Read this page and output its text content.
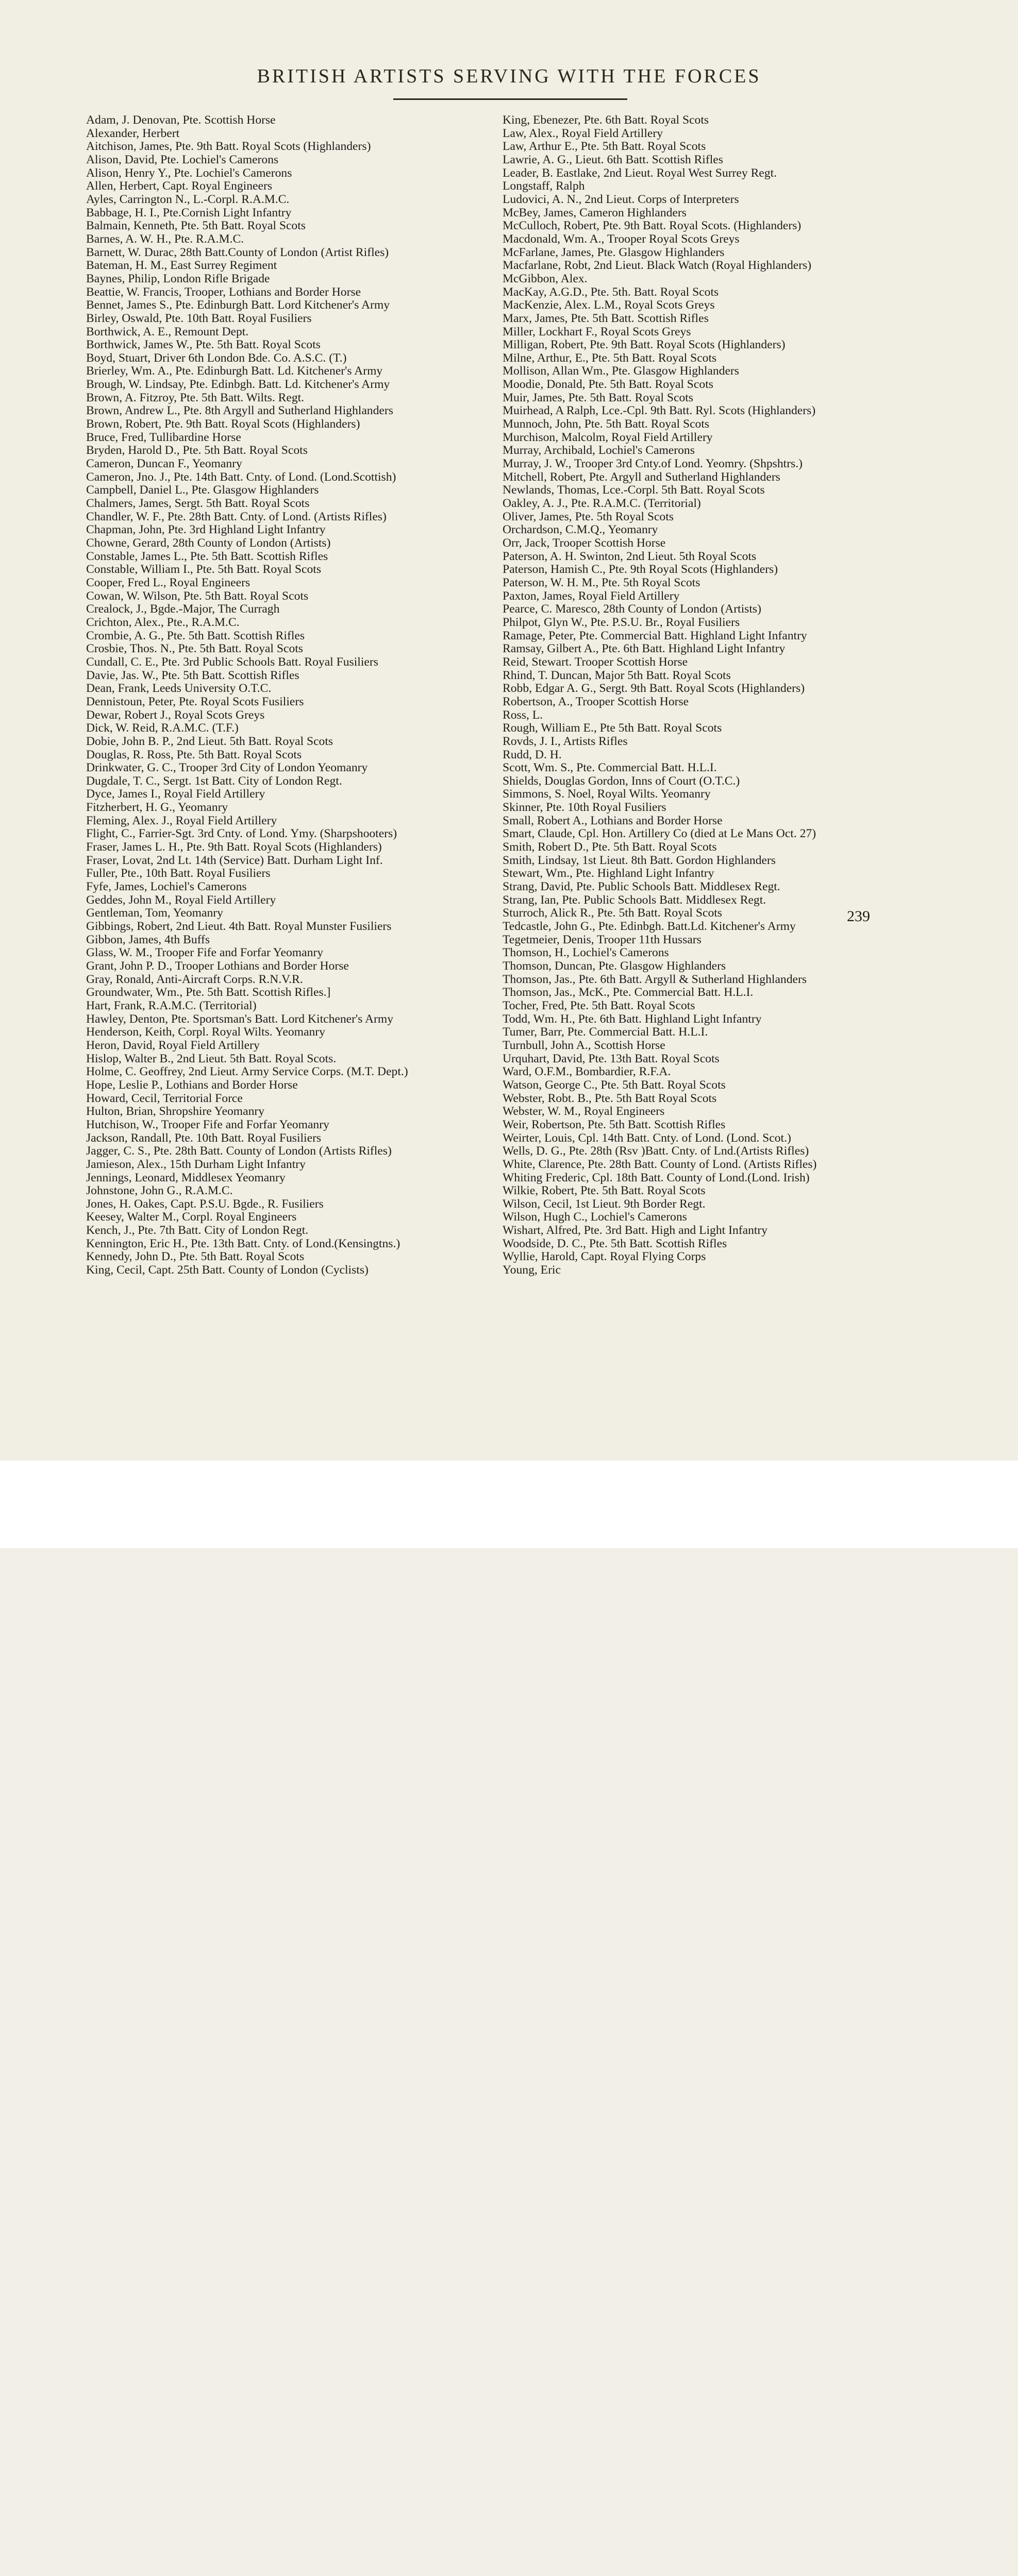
BRITISH ARTISTS SERVING WITH THE FORCES
Adam, J. Denovan, Pte. Scottish Horse
Alexander, Herbert
Aitchison, James, Pte. 9th Batt. Royal Scots (Highlanders)
Alison, David, Pte. Lochiel's Camerons
Alison, Henry Y., Pte. Lochiel's Camerons
Allen, Herbert, Capt. Royal Engineers
Ayles, Carrington N., L.-Corpl. R.A.M.C.
Babbage, H. I., Pte.Cornish Light Infantry
Balmain, Kenneth, Pte. 5th Batt. Royal Scots
Barnes, A. W. H., Pte. R.A.M.C.
Barnett, W. Durac, 28th Batt.County of London (Artist Rifles)
Bateman, H. M., East Surrey Regiment
Baynes, Philip, London Rifle Brigade
Beattie, W. Francis, Trooper, Lothians and Border Horse
Bennet, James S., Pte. Edinburgh Batt. Lord Kitchener's Army
Birley, Oswald, Pte. 10th Batt. Royal Fusiliers
Borthwick, A. E., Remount Dept.
Borthwick, James W., Pte. 5th Batt. Royal Scots
Boyd, Stuart, Driver 6th London Bde. Co. A.S.C. (T.)
Brierley, Wm. A., Pte. Edinburgh Batt. Ld. Kitchener's Army
Brough, W. Lindsay, Pte. Edinbgh. Batt. Ld. Kitchener's Army
Brown, A. Fitzroy, Pte. 5th Batt. Wilts. Regt.
Brown, Andrew L., Pte. 8th Argyll and Sutherland Highlanders
Brown, Robert, Pte. 9th Batt. Royal Scots (Highlanders)
Bruce, Fred, Tullibardine Horse
Bryden, Harold D., Pte. 5th Batt. Royal Scots
Cameron, Duncan F., Yeomanry
Cameron, Jno. J., Pte. 14th Batt. Cnty. of Lond. (Lond.Scottish)
Campbell, Daniel L., Pte. Glasgow Highlanders
Chalmers, James, Sergt. 5th Batt. Royal Scots
Chandler, W. F., Pte. 28th Batt. Cnty. of Lond. (Artists Rifles)
Chapman, John, Pte. 3rd Highland Light Infantry
Chowne, Gerard, 28th County of London (Artists)
Constable, James L., Pte. 5th Batt. Scottish Rifles
Constable, William I., Pte. 5th Batt. Royal Scots
Cooper, Fred L., Royal Engineers
Cowan, W. Wilson, Pte. 5th Batt. Royal Scots
Crealock, J., Bgde.-Major, The Curragh
Crichton, Alex., Pte., R.A.M.C.
Crombie, A. G., Pte. 5th Batt. Scottish Rifles
Crosbie, Thos. N., Pte. 5th Batt. Royal Scots
Cundall, C. E., Pte. 3rd Public Schools Batt. Royal Fusiliers
Davie, Jas. W., Pte. 5th Batt. Scottish Rifles
Dean, Frank, Leeds University O.T.C.
Dennistoun, Peter, Pte. Royal Scots Fusiliers
Dewar, Robert J., Royal Scots Greys
Dick, W. Reid, R.A.M.C. (T.F.)
Dobie, John B. P., 2nd Lieut. 5th Batt. Royal Scots
Douglas, R. Ross, Pte. 5th Batt. Royal Scots
Drinkwater, G. C., Trooper 3rd City of London Yeomanry
Dugdale, T. C., Sergt. 1st Batt. City of London Regt.
Dyce, James I., Royal Field Artillery
Fitzherbert, H. G., Yeomanry
Fleming, Alex. J., Royal Field Artillery
Flight, C., Farrier-Sgt. 3rd Cnty. of Lond. Ymy. (Sharpshooters)
Fraser, James L. H., Pte. 9th Batt. Royal Scots (Highlanders)
Fraser, Lovat, 2nd Lt. 14th (Service) Batt. Durham Light Inf.
Fuller, Pte., 10th Batt. Royal Fusiliers
Fyfe, James, Lochiel's Camerons
Geddes, John M., Royal Field Artillery
Gentleman, Tom, Yeomanry
Gibbings, Robert, 2nd Lieut. 4th Batt. Royal Munster Fusiliers
Gibbon, James, 4th Buffs
Glass, W. M., Trooper Fife and Forfar Yeomanry
Grant, John P. D., Trooper Lothians and Border Horse
Gray, Ronald, Anti-Aircraft Corps. R.N.V.R.
Groundwater, Wm., Pte. 5th Batt. Scottish Rifles.]
Hart, Frank, R.A.M.C. (Territorial)
Hawley, Denton, Pte. Sportsman's Batt. Lord Kitchener's Army
Henderson, Keith, Corpl. Royal Wilts. Yeomanry
Heron, David, Royal Field Artillery
Hislop, Walter B., 2nd Lieut. 5th Batt. Royal Scots.
Holme, C. Geoffrey, 2nd Lieut. Army Service Corps. (M.T. Dept.)
Hope, Leslie P., Lothians and Border Horse
Howard, Cecil, Territorial Force
Hulton, Brian, Shropshire Yeomanry
Hutchison, W., Trooper Fife and Forfar Yeomanry
Jackson, Randall, Pte. 10th Batt. Royal Fusiliers
Jagger, C. S., Pte. 28th Batt. County of London (Artists Rifles)
Jamieson, Alex., 15th Durham Light Infantry
Jennings, Leonard, Middlesex Yeomanry
Johnstone, John G., R.A.M.C.
Jones, H. Oakes, Capt. P.S.U. Bgde., R. Fusiliers
Keesey, Walter M., Corpl. Royal Engineers
Kench, J., Pte. 7th Batt. City of London Regt.
Kennington, Eric H., Pte. 13th Batt. Cnty. of Lond.(Kensingtns.)
Kennedy, John D., Pte. 5th Batt. Royal Scots
King, Cecil, Capt. 25th Batt. County of London (Cyclists)
King, Ebenezer, Pte. 6th Batt. Royal Scots
Law, Alex., Royal Field Artillery
Law, Arthur E., Pte. 5th Batt. Royal Scots
Lawrie, A. G., Lieut. 6th Batt. Scottish Rifles
Leader, B. Eastlake, 2nd Lieut. Royal West Surrey Regt.
Longstaff, Ralph
Ludovici, A. N., 2nd Lieut. Corps of Interpreters
McBey, James, Cameron Highlanders
McCulloch, Robert, Pte. 9th Batt. Royal Scots. (Highlanders)
Macdonald, Wm. A., Trooper Royal Scots Greys
McFarlane, James, Pte. Glasgow Highlanders
Macfarlane, Robt, 2nd Lieut. Black Watch (Royal Highlanders)
McGibbon, Alex.
MacKay, A.G.D., Pte. 5th. Batt. Royal Scots
MacKenzie, Alex. L.M., Royal Scots Greys
Marx, James, Pte. 5th Batt. Scottish Rifles
Miller, Lockhart F., Royal Scots Greys
Milligan, Robert, Pte. 9th Batt. Royal Scots (Highlanders)
Milne, Arthur, E., Pte. 5th Batt. Royal Scots
Mollison, Allan Wm., Pte. Glasgow Highlanders
Moodie, Donald, Pte. 5th Batt. Royal Scots
Muir, James, Pte. 5th Batt. Royal Scots
Muirhead, A Ralph, Lce.-Cpl. 9th Batt. Ryl. Scots (Highlanders)
Munnoch, John, Pte. 5th Batt. Royal Scots
Murchison, Malcolm, Royal Field Artillery
Murray, Archibald, Lochiel's Camerons
Murray, J. W., Trooper 3rd Cnty.of Lond. Yeomry. (Shpshtrs.)
Mitchell, Robert, Pte. Argyll and Sutherland Highlanders
Newlands, Thomas, Lce.-Corpl. 5th Batt. Royal Scots
Oakley, A. J., Pte. R.A.M.C. (Territorial)
Oliver, James, Pte. 5th Royal Scots
Orchardson, C.M.Q., Yeomanry
Orr, Jack, Trooper Scottish Horse
Paterson, A. H. Swinton, 2nd Lieut. 5th Royal Scots
Paterson, Hamish C., Pte. 9th Royal Scots (Highlanders)
Paterson, W. H. M., Pte. 5th Royal Scots
Paxton, James, Royal Field Artillery
Pearce, C. Maresco, 28th County of London (Artists)
Philpot, Glyn W., Pte. P.S.U. Br., Royal Fusiliers
Ramage, Peter, Pte. Commercial Batt. Highland Light Infantry
Ramsay, Gilbert A., Pte. 6th Batt. Highland Light Infantry
Reid, Stewart. Trooper Scottish Horse
Rhind, T. Duncan, Major 5th Batt. Royal Scots
Robb, Edgar A. G., Sergt. 9th Batt. Royal Scots (Highlanders)
Robertson, A., Trooper Scottish Horse
Ross, L.
Rough, William E., Pte 5th Batt. Royal Scots
Rovds, J. I., Artists Rifles
Rudd, D. H.
Scott, Wm. S., Pte. Commercial Batt. H.L.I.
Shields, Douglas Gordon, Inns of Court (O.T.C.)
Simmons, S. Noel, Royal Wilts. Yeomanry
Skinner, Pte. 10th Royal Fusiliers
Small, Robert A., Lothians and Border Horse
Smart, Claude, Cpl. Hon. Artillery Co (died at Le Mans Oct. 27)
Smith, Robert D., Pte. 5th Batt. Royal Scots
Smith, Lindsay, 1st Lieut. 8th Batt. Gordon Highlanders
Stewart, Wm., Pte. Highland Light Infantry
Strang, David, Pte. Public Schools Batt. Middlesex Regt.
Strang, Ian, Pte. Public Schools Batt. Middlesex Regt.
Sturroch, Alick R., Pte. 5th Batt. Royal Scots
Tedcastle, John G., Pte. Edinbgh. Batt.Ld. Kitchener's Army
Tegetmeier, Denis, Trooper 11th Hussars
Thomson, H., Lochiel's Camerons
Thomson, Duncan, Pte. Glasgow Highlanders
Thomson, Jas., Pte. 6th Batt. Argyll & Sutherland Highlanders
Thomson, Jas., McK., Pte. Commercial Batt. H.L.I.
Tocher, Fred, Pte. 5th Batt. Royal Scots
Todd, Wm. H., Pte. 6th Batt. Highland Light Infantry
Tumer, Barr, Pte. Commercial Batt. H.L.I.
Turnbull, John A., Scottish Horse
Urquhart, David, Pte. 13th Batt. Royal Scots
Ward, O.F.M., Bombardier, R.F.A.
Watson, George C., Pte. 5th Batt. Royal Scots
Webster, Robt. B., Pte. 5th Batt Royal Scots
Webster, W. M., Royal Engineers
Weir, Robertson, Pte. 5th Batt. Scottish Rifles
Weirter, Louis, Cpl. 14th Batt. Cnty. of Lond. (Lond. Scot.)
Wells, D. G., Pte. 28th (Rsv )Batt. Cnty. of Lnd.(Artists Rifles)
White, Clarence, Pte. 28th Batt. County of Lond. (Artists Rifles)
Whiting Frederic, Cpl. 18th Batt. County of Lond.(Lond. Irish)
Wilkie, Robert, Pte. 5th Batt. Royal Scots
Wilson, Cecil, 1st Lieut. 9th Border Regt.
Wilson, Hugh C., Lochiel's Camerons
Wishart, Alfred, Pte. 3rd Batt. High and Light Infantry
Woodside, D. C., Pte. 5th Batt. Scottish Rifles
Wyllie, Harold, Capt. Royal Flying Corps
Young, Eric
239
